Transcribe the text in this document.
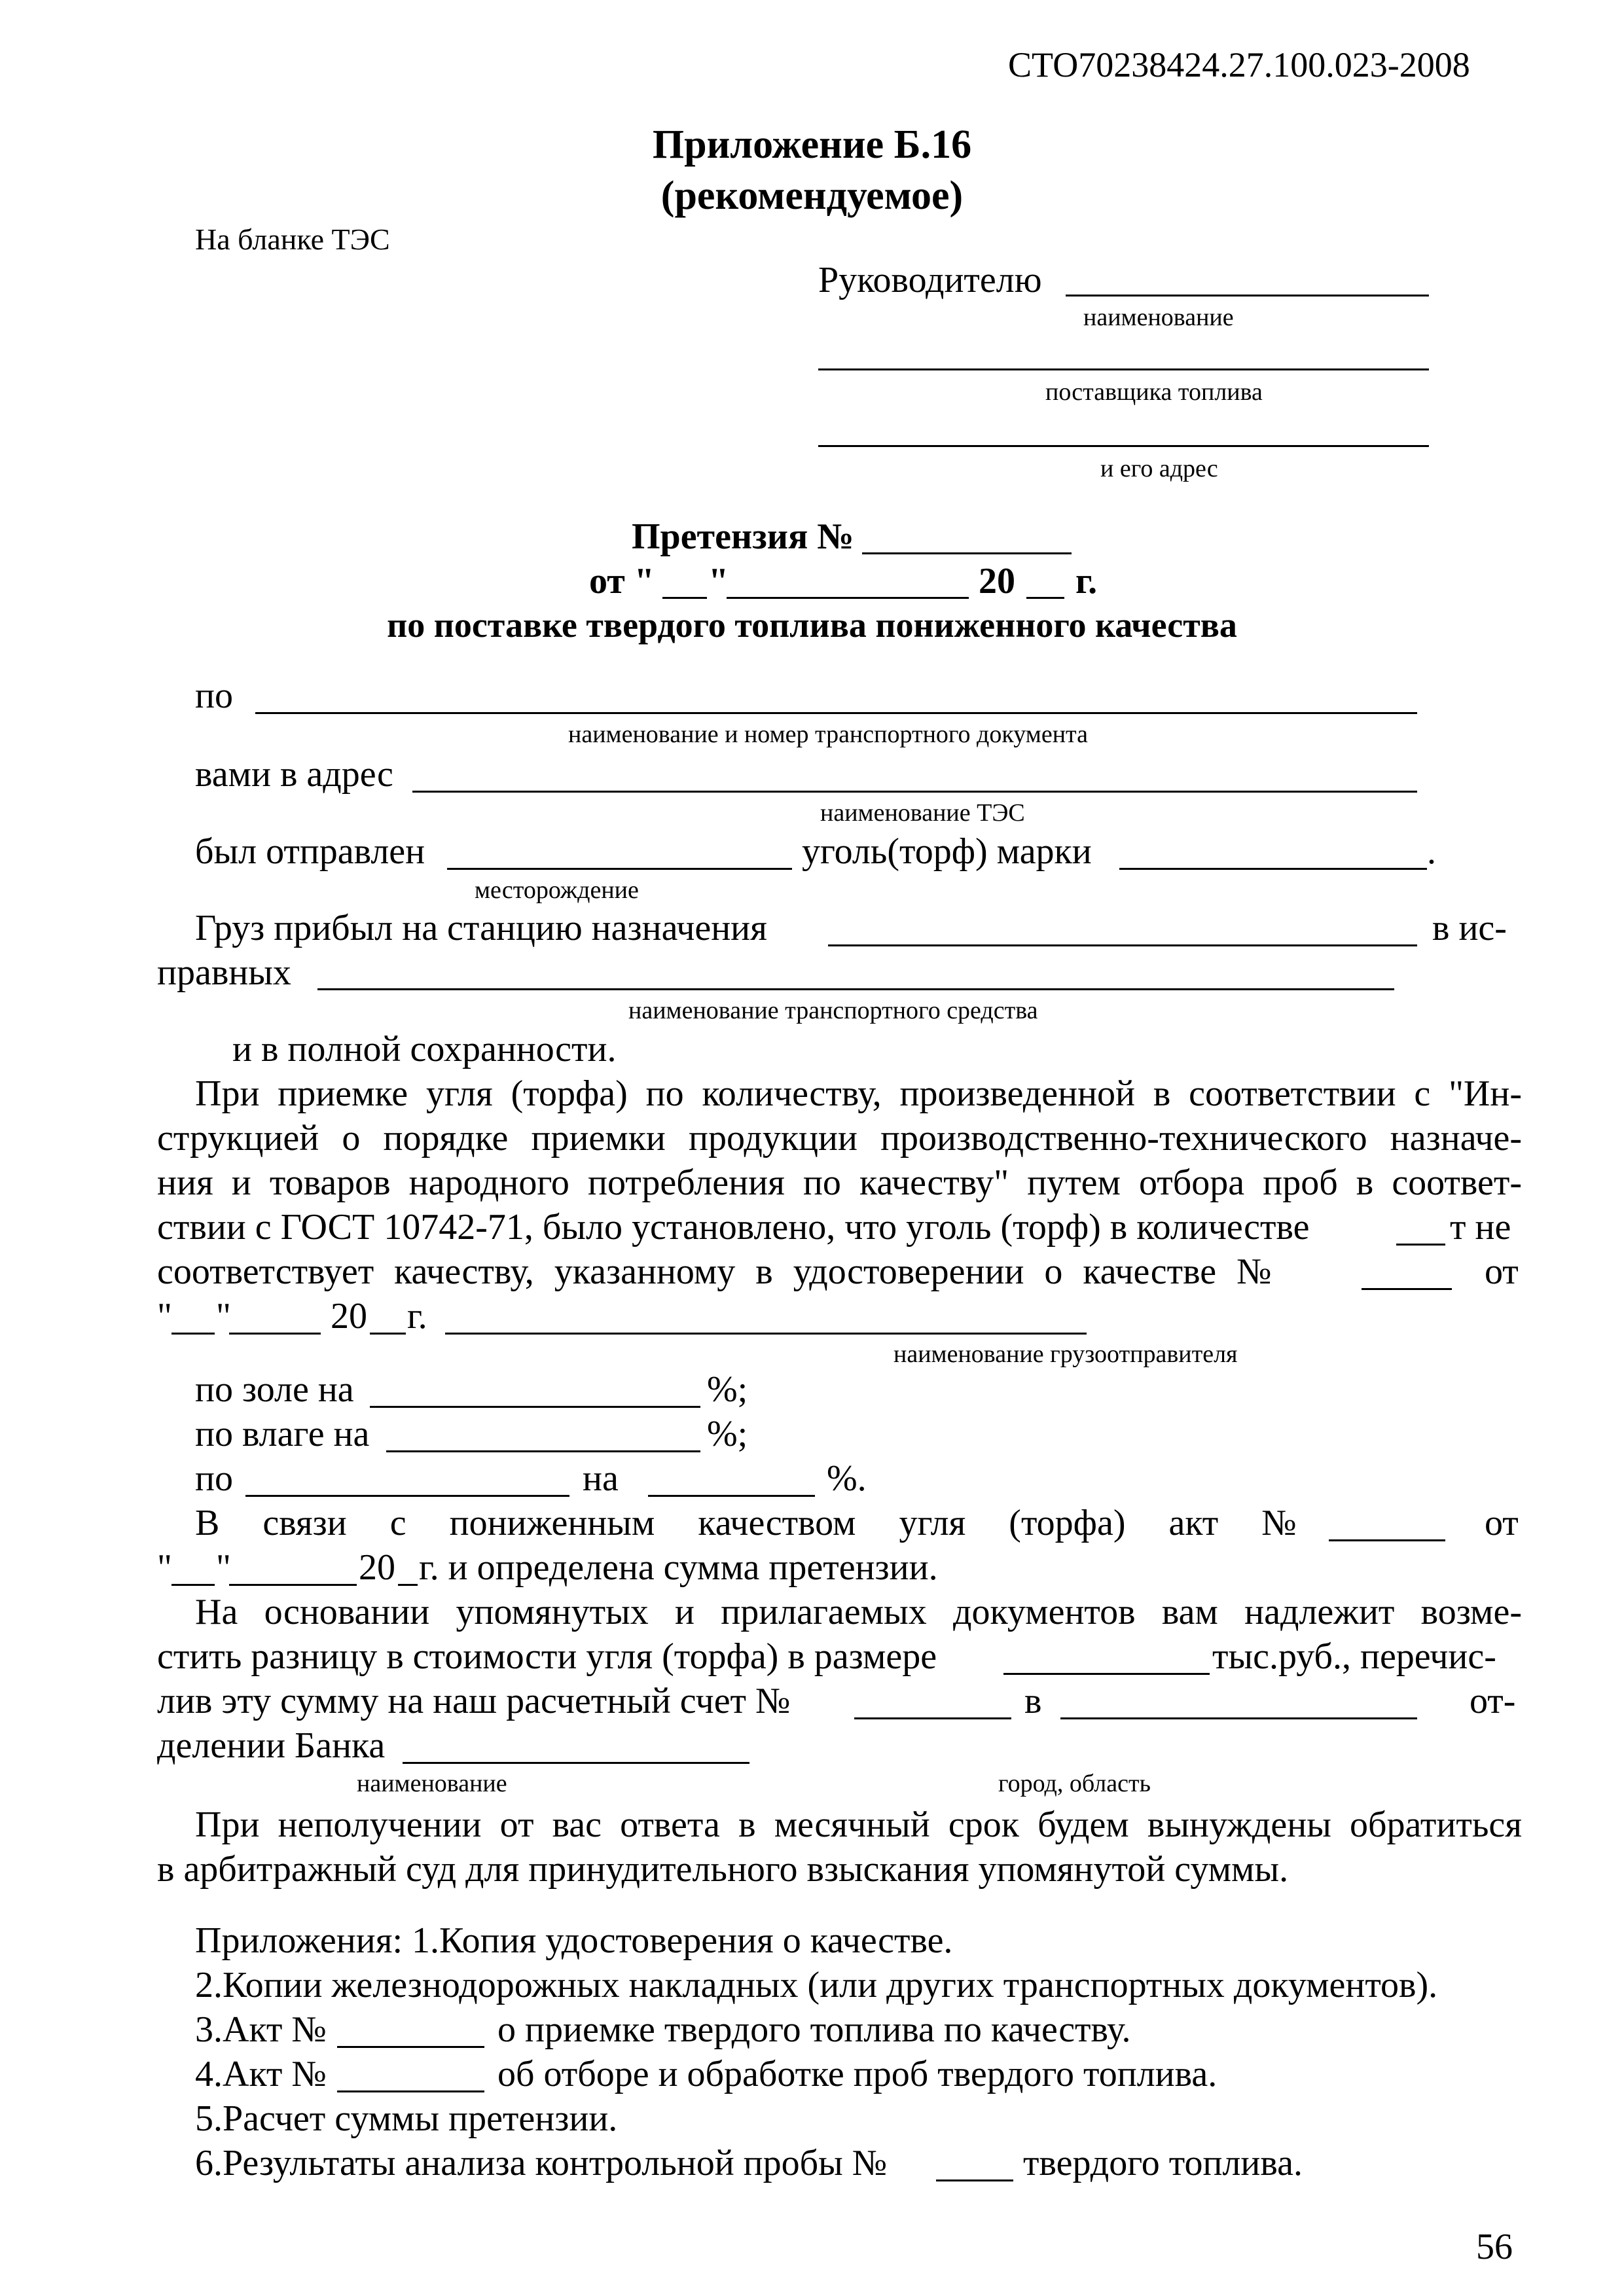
СТО70238424.27.100.023-2008
Приложение Б.16
(рекомендуемое)
На бланке ТЭС
Руководителю
наименование
поставщика топлива
и его адрес
Претензия №
от " "	20 г.
по поставке твердого топлива пониженного качества
по
наименование и номер транспортного документа
вами в адрес
наименование ТЭС
был отправлен	уголь(торф) марки	.
месторождение
Груз прибыл на станцию назначения	в ис-
правных
наименование транспортного средства
и в полной сохранности.
При приемке угля (торфа) по количеству, произведенной в соответствии с "Ин-
струкцией о порядке приемки продукции производственно-технического назначе-
ния и товаров народного потребления по качеству" путем отбора проб в соответ-
ствии с ГОСТ 10742-71, было установлено, что уголь (торф) в количестве	т не
соответствует качеству, указанному в удостоверении о качестве №	от
" "	20 г.
наименование грузоотправителя
по золе на	%;
по влаге на	%;
по	на	%.
В связи с пониженным качеством угля (торфа) акт №	от
" "	20 г. и определена сумма претензии.
На основании упомянутых и прилагаемых документов вам надлежит возме-
стить разницу в стоимости угля (торфа) в размере	тыс.руб., перечис-
лив эту сумму на наш расчетный счет №	в	от-
делении Банка
наименование	город, область
При неполучении от вас ответа в месячный срок будем вынуждены обратиться
в арбитражный суд для принудительного взыскания упомянутой суммы.
Приложения: 1.Копия удостоверения о качестве.
2.Копии железнодорожных накладных (или других транспортных документов).
3.Акт №	о приемке твердого топлива по качеству.
4.Акт №	об отборе и обработке проб твердого топлива.
5.Расчет суммы претензии.
6.Результаты анализа контрольной пробы №	твердого топлива.
56
